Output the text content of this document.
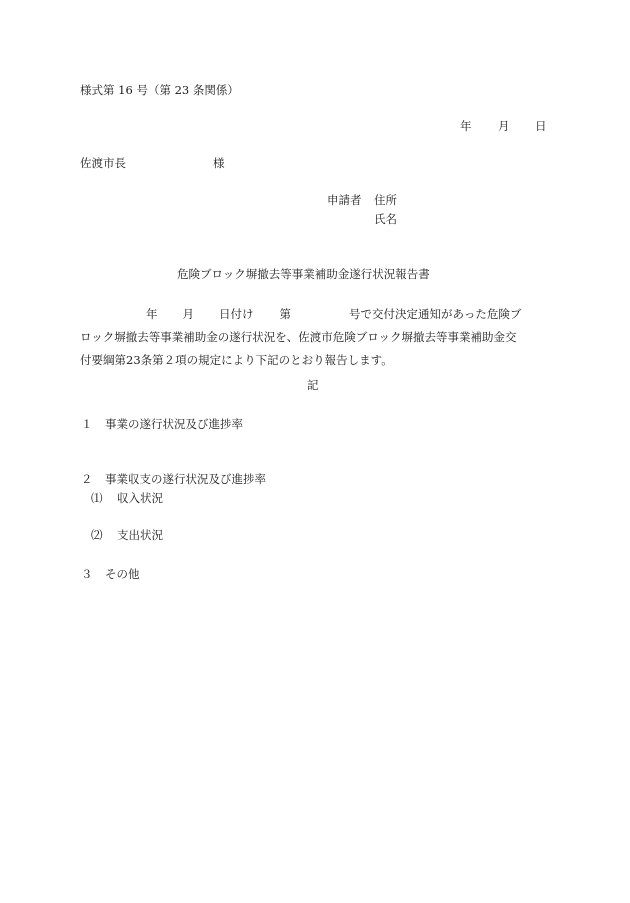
様式第 16 号（第 23 条関係）
年 月 日
佐渡市長	様
申請者 住所
氏名
危険ブロック塀撤去等事業補助金遂行状況報告書
年 月 日付け 第	号で交付決定通知があった危険ブ
ロック塀撤去等事業補助金の遂行状況を、佐渡市危険ブロック塀撤去等事業補助金交
付要綱第23条第２項の規定により下記のとおり報告します。
記
１ 事業の遂行状況及び進捗率
２ 事業収支の遂行状況及び進捗率
⑴ 収入状況
⑵ 支出状況
３ その他
